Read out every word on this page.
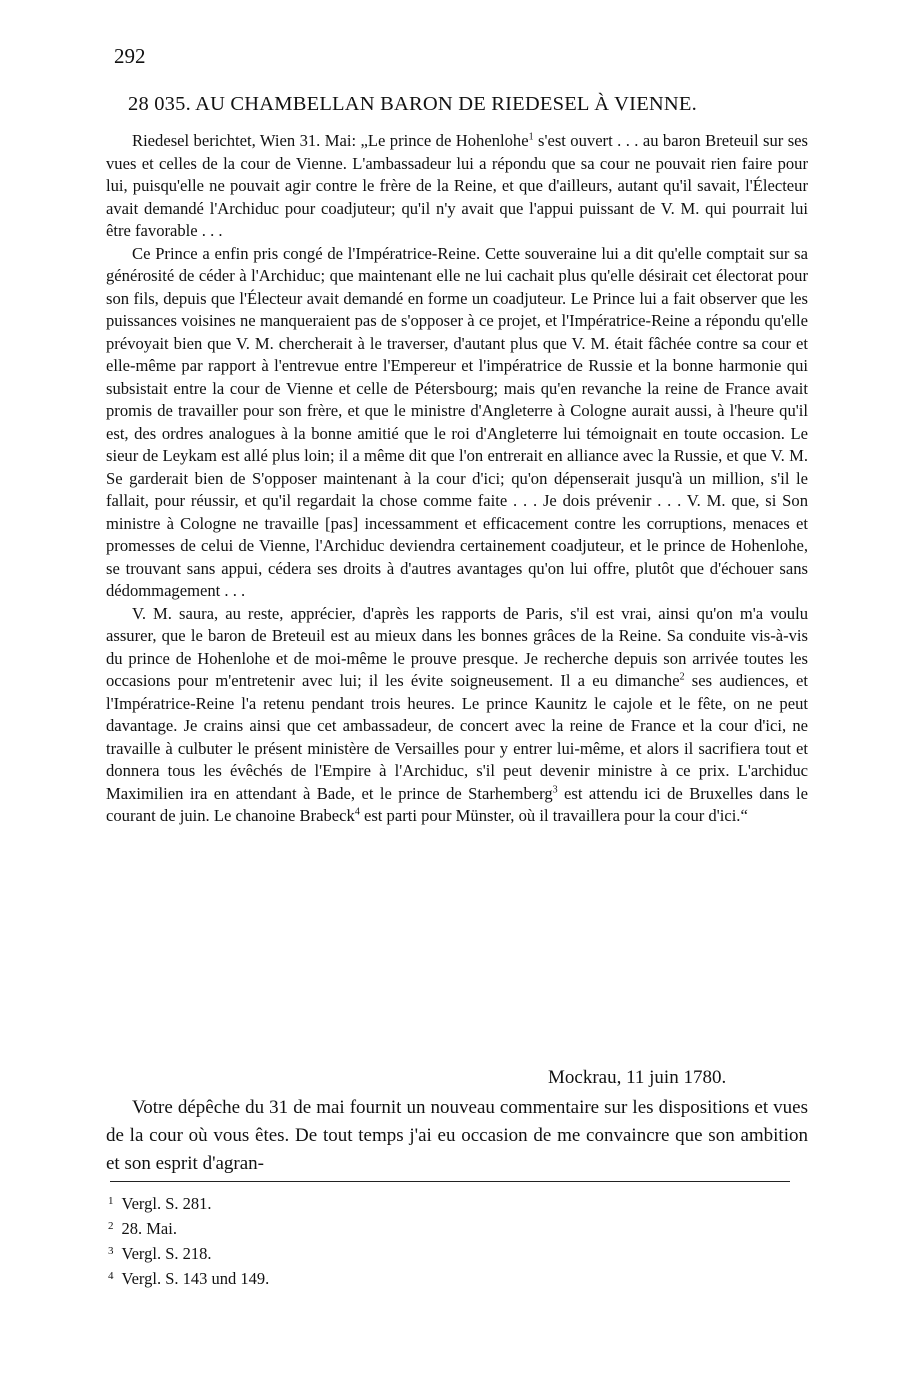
292
28 035. AU CHAMBELLAN BARON DE RIEDESEL À VIENNE.

Riedesel berichtet, Wien 31. Mai: „Le prince de Hohenlohe$^1$ s'est ouvert . . . au baron Breteuil sur ses vues et celles de la cour de Vienne. L'ambassadeur lui a répondu que sa cour ne pouvait rien faire pour lui, puisqu'elle ne pouvait agir contre le frère de la Reine, et que d'ailleurs, autant qu'il savait, l'Électeur avait demandé l'Archiduc pour coadjuteur; qu'il n'y avait que l'appui puissant de V. M. qui pourrait lui être favorable . . .

Ce Prince a enfin pris congé de l'Impératrice-Reine. Cette souveraine lui a dit qu'elle comptait sur sa générosité de céder à l'Archiduc; que maintenant elle ne lui cachait plus qu'elle désirait cet électorat pour son fils, depuis que l'Électeur avait demandé en forme un coadjuteur. Le Prince lui a fait observer que les puissances voisines ne manqueraient pas de s'opposer à ce projet, et l'Impératrice-Reine a répondu qu'elle prévoyait bien que V. M. chercherait à le traverser, d'autant plus que V. M. était fâchée contre sa cour et elle-même par rapport à l'entrevue entre l'Empereur et l'impératrice de Russie et la bonne harmonie qui subsistait entre la cour de Vienne et celle de Pétersbourg; mais qu'en revanche la reine de France avait promis de travailler pour son frère, et que le ministre d'Angleterre à Cologne aurait aussi, à l'heure qu'il est, des ordres analogues à la bonne amitié que le roi d'Angleterre lui témoignait en toute occasion. Le sieur de Leykam est allé plus loin; il a même dit que l'on entrerait en alliance avec la Russie, et que V. M. Se garderait bien de S'opposer maintenant à la cour d'ici; qu'on dépenserait jusqu'à un million, s'il le fallait, pour réussir, et qu'il regardait la chose comme faite . . . Je dois prévenir . . . V. M. que, si Son ministre à Cologne ne travaille [pas] incessamment et efficacement contre les corruptions, menaces et promesses de celui de Vienne, l'Archiduc deviendra certainement coadjuteur, et le prince de Hohenlohe, se trouvant sans appui, cédera ses droits à d'autres avantages qu'on lui offre, plutôt que d'échouer sans dédommagement . . .

V. M. saura, au reste, apprécier, d'après les rapports de Paris, s'il est vrai, ainsi qu'on m'a voulu assurer, que le baron de Breteuil est au mieux dans les bonnes grâces de la Reine. Sa conduite vis-à-vis du prince de Hohenlohe et de moi-même le prouve presque. Je recherche depuis son arrivée toutes les occasions pour m'entretenir avec lui; il les évite soigneusement. Il a eu dimanche$^2$ ses audiences, et l'Impératrice-Reine l'a retenu pendant trois heures. Le prince Kaunitz le cajole et le fête, on ne peut davantage. Je crains ainsi que cet ambassadeur, de concert avec la reine de France et la cour d'ici, ne travaille à culbuter le présent ministère de Versailles pour y entrer lui-même, et alors il sacrifiera tout et donnera tous les évêchés de l'Empire à l'Archiduc, s'il peut devenir ministre à ce prix. L'archiduc Maximilien ira en attendant à Bade, et le prince de Starhemberg$^3$ est attendu ici de Bruxelles dans le courant de juin. Le chanoine Brabeck$^4$ est parti pour Münster, où il travaillera pour la cour d'ici.“

Mockrau, 11 juin 1780.

Votre dépêche du 31 de mai fournit un nouveau commentaire sur les dispositions et vues de la cour où vous êtes. De tout temps j'ai eu occasion de me convaincre que son ambition et son esprit d'agran-

$^1$ Vergl. S. 281.
$^2$ 28. Mai.
$^3$ Vergl. S. 218.
$^4$ Vergl. S. 143 und 149.
